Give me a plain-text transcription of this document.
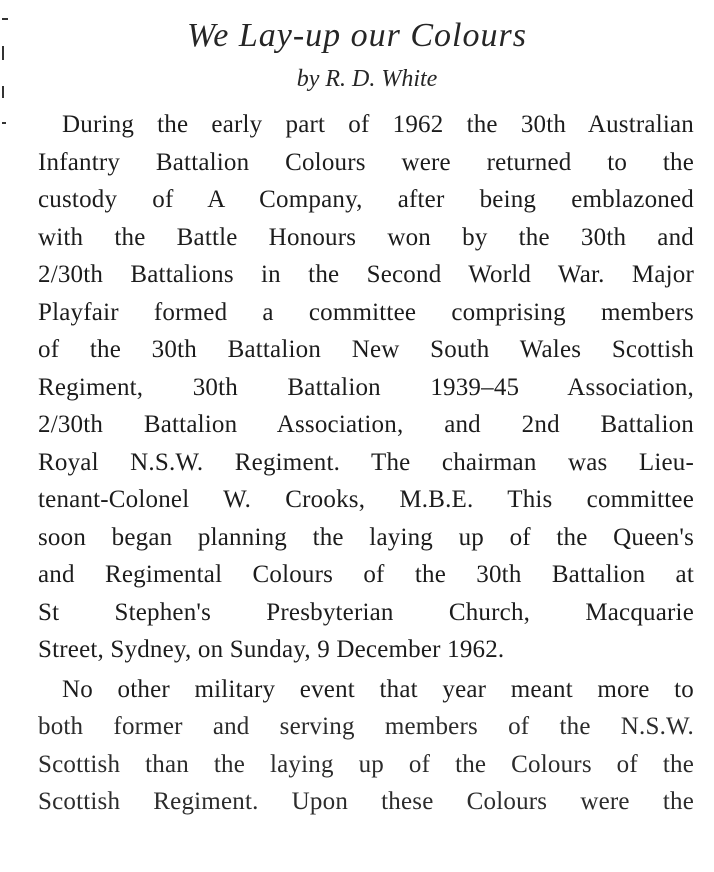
We Lay-up our Colours
by R. D. White
During the early part of 1962 the 30th Australian
Infantry Battalion Colours were returned to the
custody of A Company, after being emblazoned
with the Battle Honours won by the 30th and
2/30th Battalions in the Second World War. Major
Playfair formed a committee comprising members
of the 30th Battalion New South Wales Scottish
Regiment, 30th Battalion 1939–45 Association,
2/30th Battalion Association, and 2nd Battalion
Royal N.S.W. Regiment. The chairman was Lieu-
tenant-Colonel W. Crooks, M.B.E. This committee
soon began planning the laying up of the Queen's
and Regimental Colours of the 30th Battalion at
St Stephen's Presbyterian Church, Macquarie
Street, Sydney, on Sunday, 9 December 1962.
No other military event that year meant more to
both former and serving members of the N.S.W.
Scottish than the laying up of the Colours of the
Scottish Regiment. Upon these Colours were the
